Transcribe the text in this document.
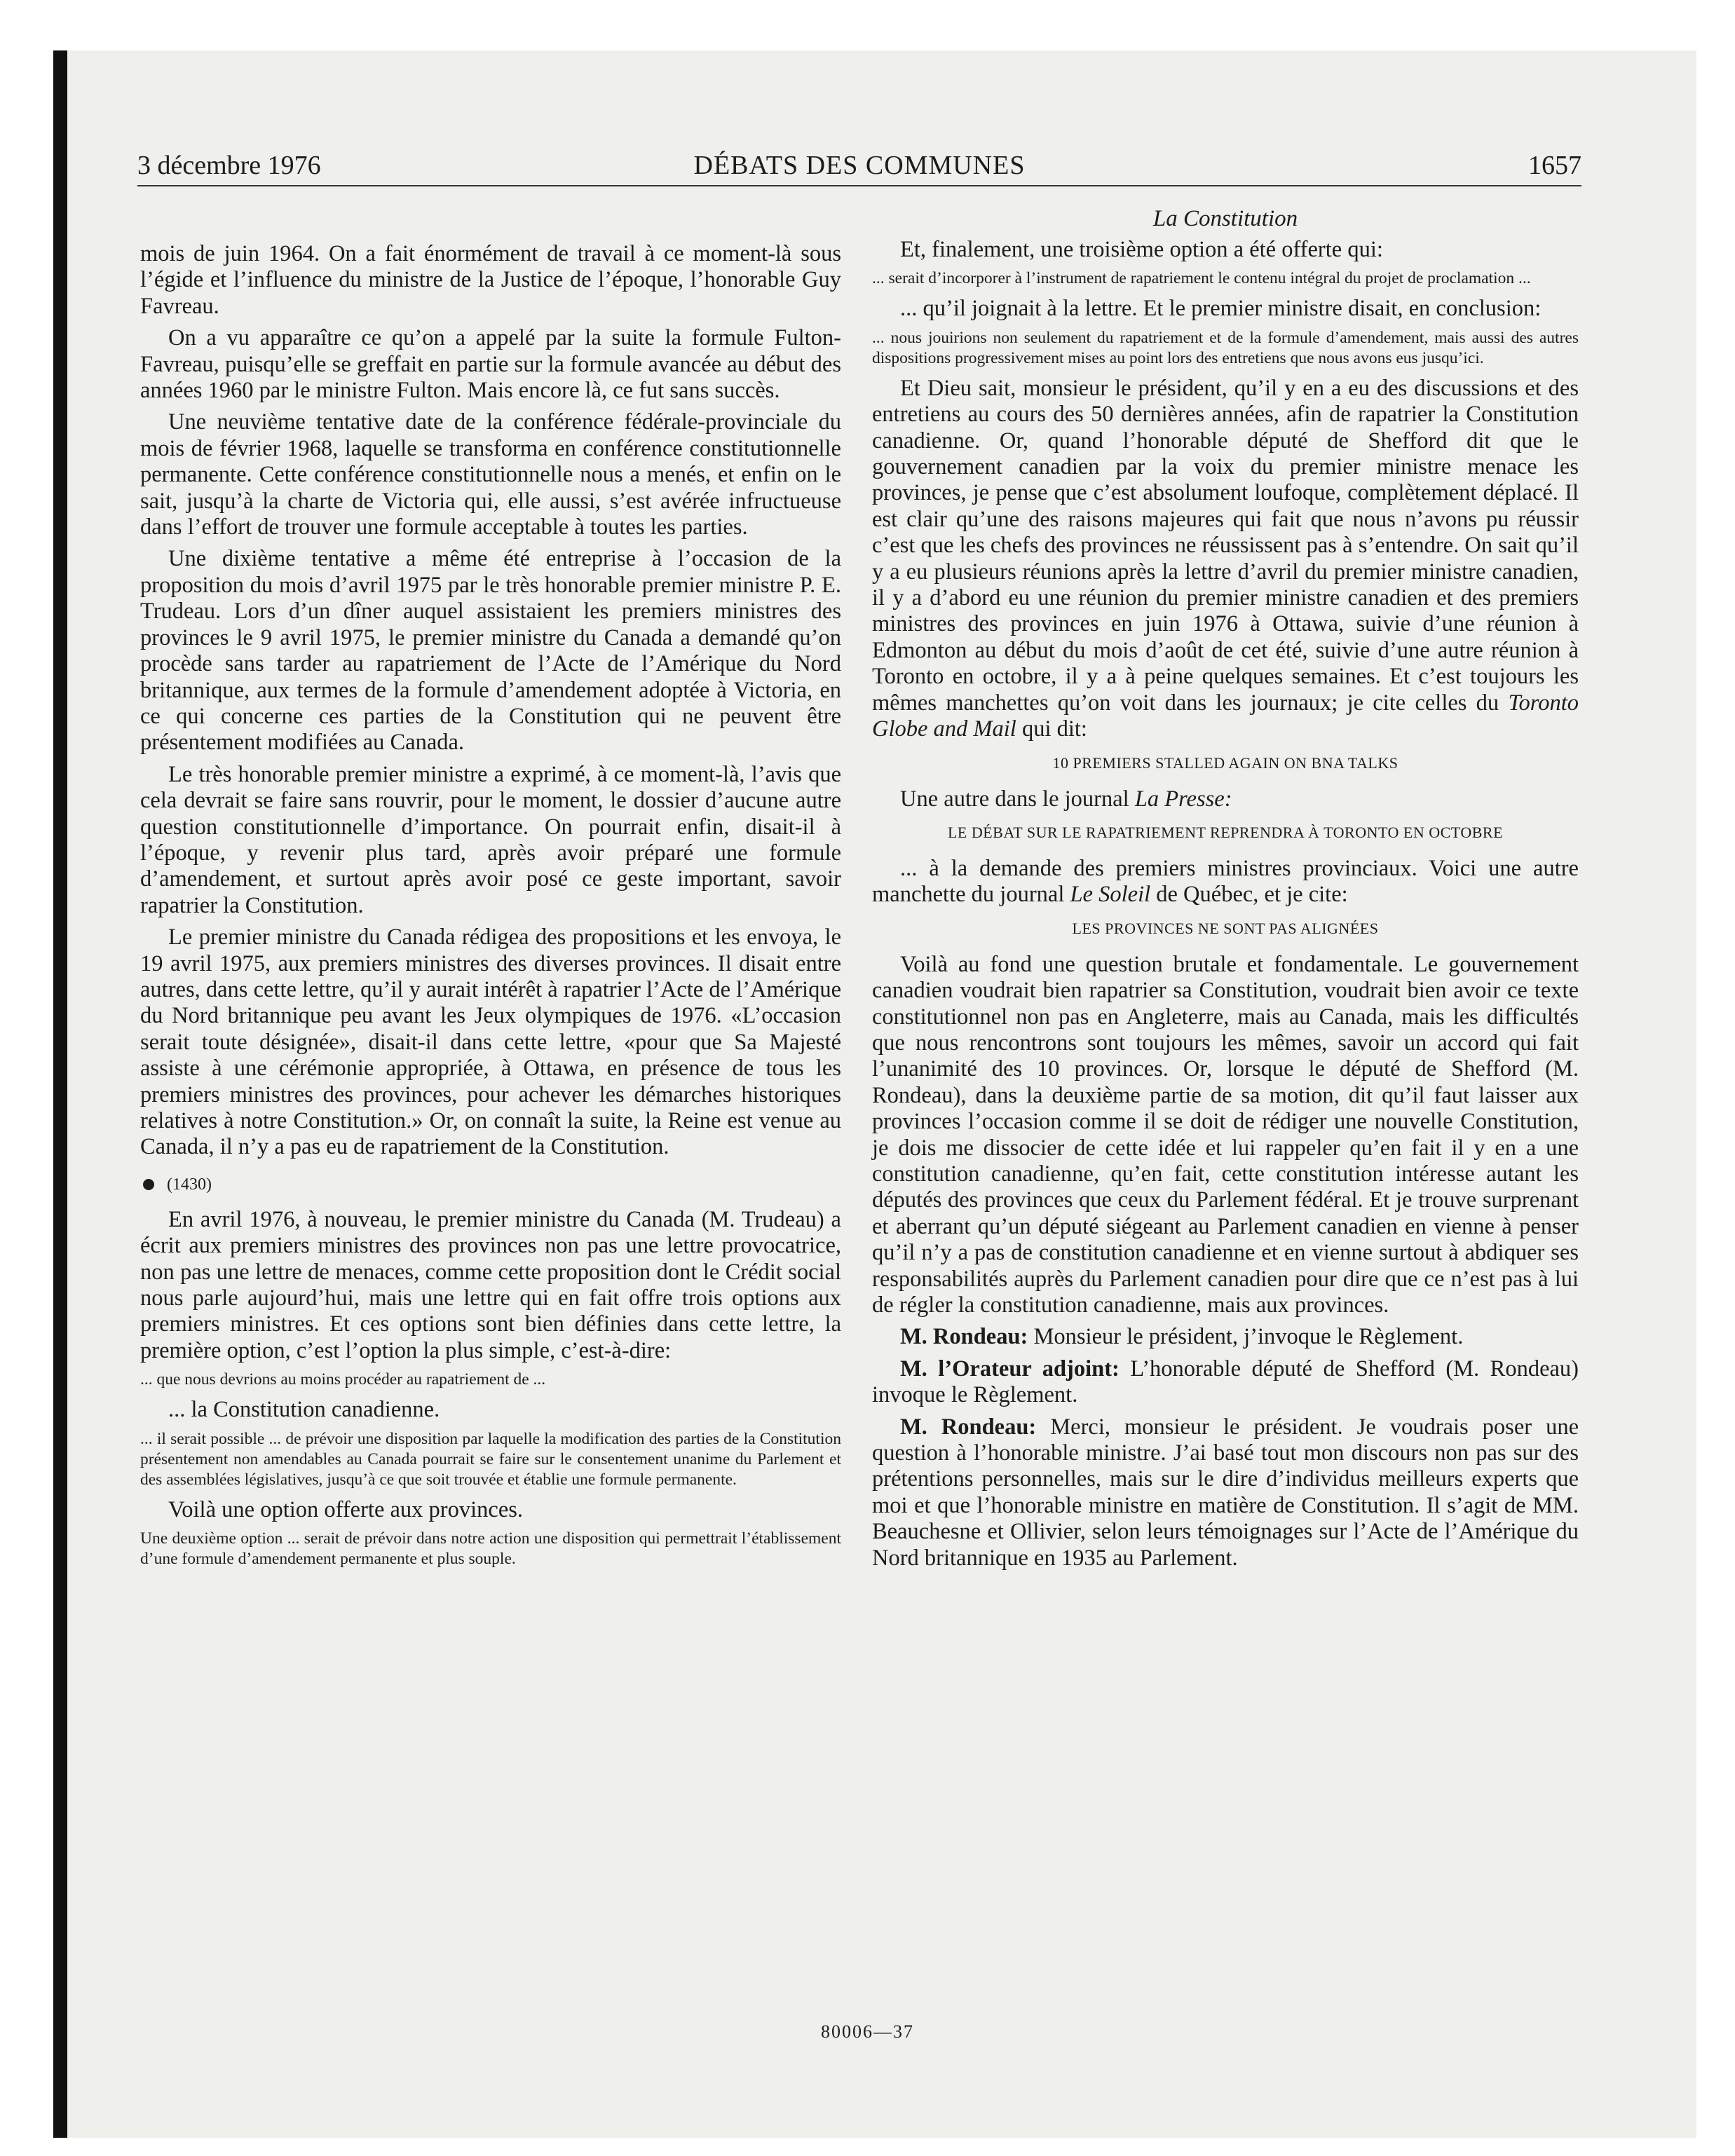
3 décembre 1976	DÉBATS DES COMMUNES	1657

mois de juin 1964. On a fait énormément de travail à ce moment-là sous l’égide et l’influence du ministre de la Justice de l’époque, l’honorable Guy Favreau.

On a vu apparaître ce qu’on a appelé par la suite la formule Fulton-Favreau, puisqu’elle se greffait en partie sur la formule avancée au début des années 1960 par le ministre Fulton. Mais encore là, ce fut sans succès.

Une neuvième tentative date de la conférence fédérale-provinciale du mois de février 1968, laquelle se transforma en conférence constitutionnelle permanente. Cette conférence constitutionnelle nous a menés, et enfin on le sait, jusqu’à la charte de Victoria qui, elle aussi, s’est avérée infructueuse dans l’effort de trouver une formule acceptable à toutes les parties.

Une dixième tentative a même été entreprise à l’occasion de la proposition du mois d’avril 1975 par le très honorable premier ministre P. E. Trudeau. Lors d’un dîner auquel assistaient les premiers ministres des provinces le 9 avril 1975, le premier ministre du Canada a demandé qu’on procède sans tarder au rapatriement de l’Acte de l’Amérique du Nord britannique, aux termes de la formule d’amendement adoptée à Victoria, en ce qui concerne ces parties de la Constitution qui ne peuvent être présentement modifiées au Canada.

Le très honorable premier ministre a exprimé, à ce moment-là, l’avis que cela devrait se faire sans rouvrir, pour le moment, le dossier d’aucune autre question constitutionnelle d’importance. On pourrait enfin, disait-il à l’époque, y revenir plus tard, après avoir préparé une formule d’amendement, et surtout après avoir posé ce geste important, savoir rapatrier la Constitution.

Le premier ministre du Canada rédigea des propositions et les envoya, le 19 avril 1975, aux premiers ministres des diverses provinces. Il disait entre autres, dans cette lettre, qu’il y aurait intérêt à rapatrier l’Acte de l’Amérique du Nord britannique peu avant les Jeux olympiques de 1976. «L’occasion serait toute désignée», disait-il dans cette lettre, «pour que Sa Majesté assiste à une cérémonie appropriée, à Ottawa, en présence de tous les premiers ministres des provinces, pour achever les démarches historiques relatives à notre Constitution.» Or, on connaît la suite, la Reine est venue au Canada, il n’y a pas eu de rapatriement de la Constitution.

(1430)

En avril 1976, à nouveau, le premier ministre du Canada (M. Trudeau) a écrit aux premiers ministres des provinces non pas une lettre provocatrice, non pas une lettre de menaces, comme cette proposition dont le Crédit social nous parle aujourd’hui, mais une lettre qui en fait offre trois options aux premiers ministres. Et ces options sont bien définies dans cette lettre, la première option, c’est l’option la plus simple, c’est-à-dire:

... que nous devrions au moins procéder au rapatriement de ...

... la Constitution canadienne.

... il serait possible ... de prévoir une disposition par laquelle la modification des parties de la Constitution présentement non amendables au Canada pourrait se faire sur le consentement unanime du Parlement et des assemblées législatives, jusqu’à ce que soit trouvée et établie une formule permanente.

Voilà une option offerte aux provinces.

Une deuxième option ... serait de prévoir dans notre action une disposition qui permettrait l’établissement d’une formule d’amendement permanente et plus souple.

La Constitution

Et, finalement, une troisième option a été offerte qui:

... serait d’incorporer à l’instrument de rapatriement le contenu intégral du projet de proclamation ...

... qu’il joignait à la lettre. Et le premier ministre disait, en conclusion:

... nous jouirions non seulement du rapatriement et de la formule d’amendement, mais aussi des autres dispositions progressivement mises au point lors des entretiens que nous avons eus jusqu’ici.

Et Dieu sait, monsieur le président, qu’il y en a eu des discussions et des entretiens au cours des 50 dernières années, afin de rapatrier la Constitution canadienne. Or, quand l’honorable député de Shefford dit que le gouvernement canadien par la voix du premier ministre menace les provinces, je pense que c’est absolument loufoque, complètement déplacé. Il est clair qu’une des raisons majeures qui fait que nous n’avons pu réussir c’est que les chefs des provinces ne réussissent pas à s’entendre. On sait qu’il y a eu plusieurs réunions après la lettre d’avril du premier ministre canadien, il y a d’abord eu une réunion du premier ministre canadien et des premiers ministres des provinces en juin 1976 à Ottawa, suivie d’une réunion à Edmonton au début du mois d’août de cet été, suivie d’une autre réunion à Toronto en octobre, il y a à peine quelques semaines. Et c’est toujours les mêmes manchettes qu’on voit dans les journaux; je cite celles du Toronto Globe and Mail qui dit:

10 PREMIERS STALLED AGAIN ON BNA TALKS

Une autre dans le journal La Presse:

LE DÉBAT SUR LE RAPATRIEMENT REPRENDRA À TORONTO EN OCTOBRE

... à la demande des premiers ministres provinciaux. Voici une autre manchette du journal Le Soleil de Québec, et je cite:

LES PROVINCES NE SONT PAS ALIGNÉES

Voilà au fond une question brutale et fondamentale. Le gouvernement canadien voudrait bien rapatrier sa Constitution, voudrait bien avoir ce texte constitutionnel non pas en Angleterre, mais au Canada, mais les difficultés que nous rencontrons sont toujours les mêmes, savoir un accord qui fait l’unanimité des 10 provinces. Or, lorsque le député de Shefford (M. Rondeau), dans la deuxième partie de sa motion, dit qu’il faut laisser aux provinces l’occasion comme il se doit de rédiger une nouvelle Constitution, je dois me dissocier de cette idée et lui rappeler qu’en fait il y en a une constitution canadienne, qu’en fait, cette constitution intéresse autant les députés des provinces que ceux du Parlement fédéral. Et je trouve surprenant et aberrant qu’un député siégeant au Parlement canadien en vienne à penser qu’il n’y a pas de constitution canadienne et en vienne surtout à abdiquer ses responsabilités auprès du Parlement canadien pour dire que ce n’est pas à lui de régler la constitution canadienne, mais aux provinces.

M. Rondeau: Monsieur le président, j’invoque le Règlement.

M. l’Orateur adjoint: L’honorable député de Shefford (M. Rondeau) invoque le Règlement.

M. Rondeau: Merci, monsieur le président. Je voudrais poser une question à l’honorable ministre. J’ai basé tout mon discours non pas sur des prétentions personnelles, mais sur le dire d’individus meilleurs experts que moi et que l’honorable ministre en matière de Constitution. Il s’agit de MM. Beauchesne et Ollivier, selon leurs témoignages sur l’Acte de l’Amérique du Nord britannique en 1935 au Parlement.

80006—37
